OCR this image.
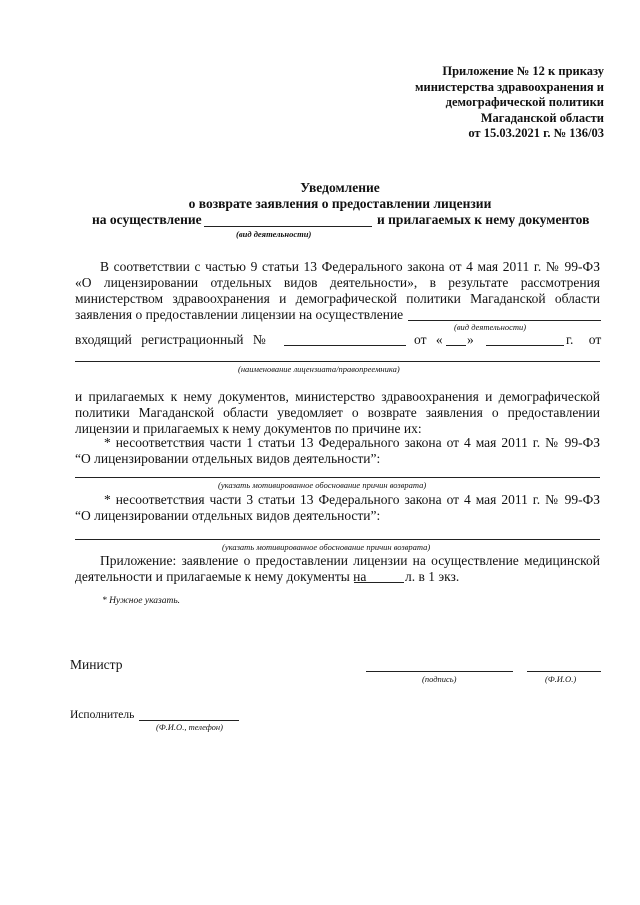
Приложение № 12 к приказу
министерства здравоохранения и
демографической политики
Магаданской области
от 15.03.2021 г. № 136/03
Уведомление
о возврате заявления о предоставлении лицензии
на осуществление	и прилагаемых к нему документов
(вид деятельности)
В соответствии с частью 9 статьи 13 Федерального закона от 4 мая 2011 г. № 99-ФЗ
«О лицензировании отдельных видов деятельности», в результате рассмотрения
министерством здравоохранения и демографической политики Магаданской области
заявления о предоставлении лицензии на осуществление
(вид деятельности)
входящий регистрационный №	от « »	г. от
(наименование лицензиата/правопреемника)
и прилагаемых к нему документов, министерство здравоохранения и демографической
политики Магаданской области уведомляет о возврате заявления о предоставлении
лицензии и прилагаемых к нему документов по причине их:
* несоответствия части 1 статьи 13 Федерального закона от 4 мая 2011 г. № 99-ФЗ
“О лицензировании отдельных видов деятельности”:
(указать мотивированное обоснование причин возврата)
* несоответствия части 3 статьи 13 Федерального закона от 4 мая 2011 г. № 99-ФЗ
“О лицензировании отдельных видов деятельности”:
(указать мотивированное обоснование причин возврата)
Приложение: заявление о предоставлении лицензии на осуществление медицинской
деятельности и прилагаемые к нему документы на	л. в 1 экз.
* Нужное указать.
Министр
(подпись)	(Ф.И.О.)
Исполнитель
(Ф.И.О., телефон)
